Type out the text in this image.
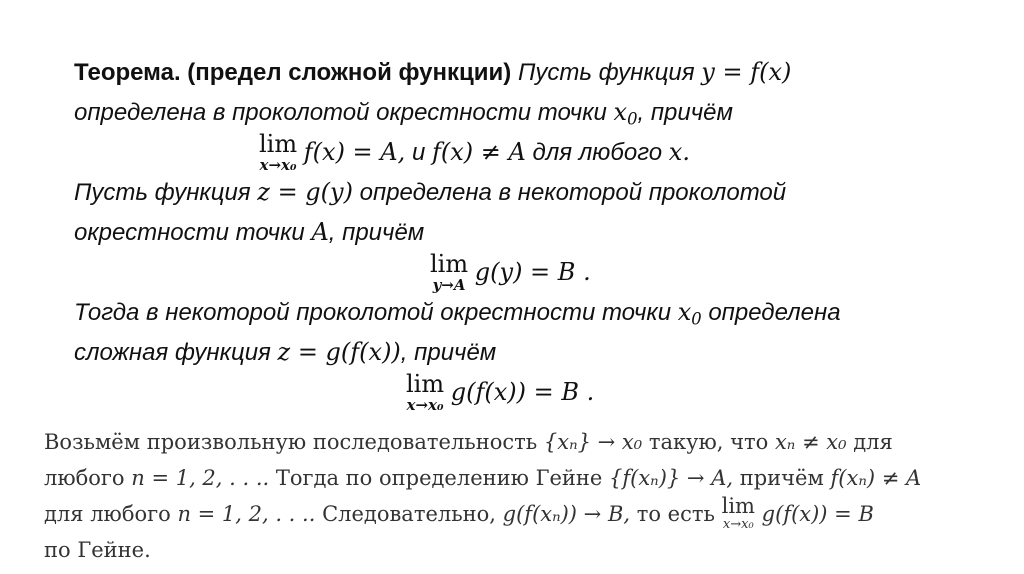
Теорема. (предел сложной функции) Пусть функция y = f(x)
определена в проколотой окрестности точки $x_0$, причём
lim
x→x₀ f(x) = A, и f(x) ≠ A для любого x.
Пусть функция z = g(y) определена в некоторой проколотой
окрестности точки A, причём
lim
y→A g(y) = B .
Тогда в некоторой проколотой окрестности точки $x_0$ определена
сложная функция z = g(f(x)), причём
lim
x→x₀ g(f(x)) = B .
Возьмём произвольную последовательность {xₙ} → x₀ такую, что xₙ ≠ x₀ для
любого n = 1, 2, . . .. Тогда по определению Гейне {f(xₙ)} → A, причём f(xₙ) ≠ A
для любого n = 1, 2, . . .. Следовательно, g(f(xₙ)) → B, то есть lim
x→x₀ g(f(x)) = B
по Гейне.
